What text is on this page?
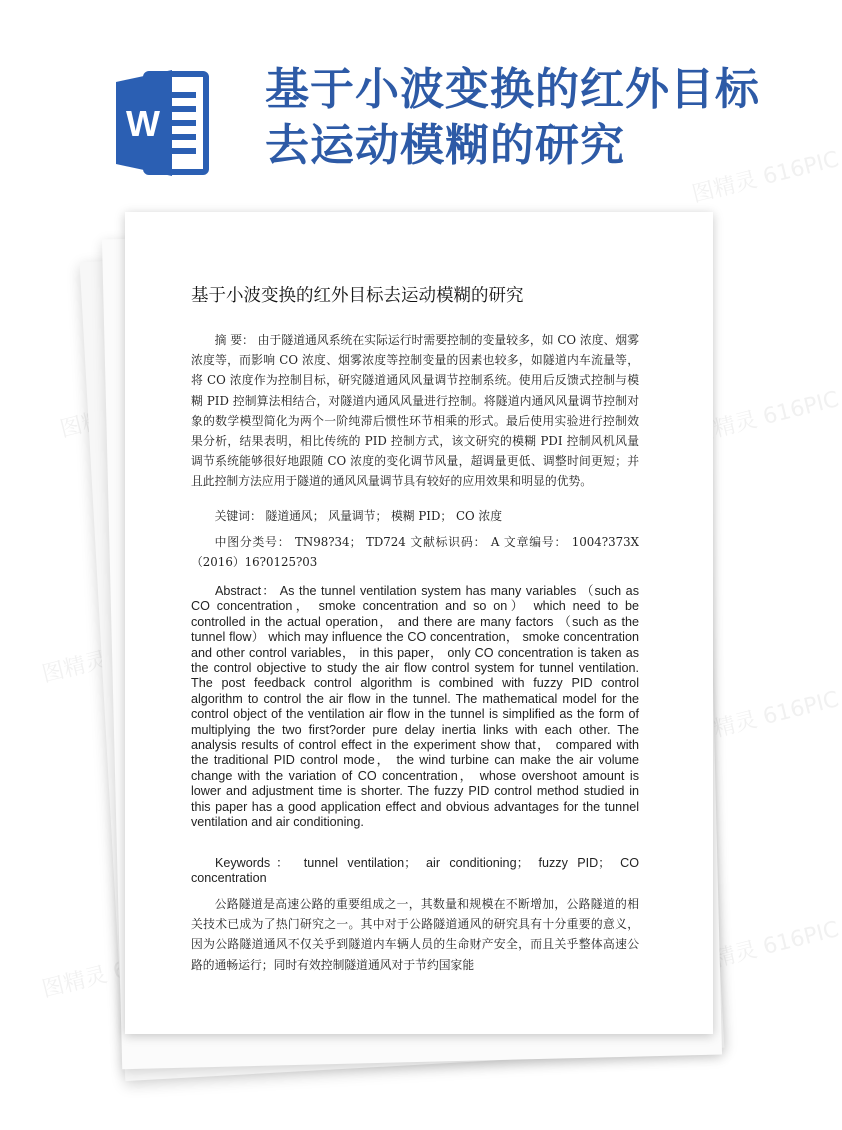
W
基于小波变换的红外目标去运动模糊的研究
图精灵
图精灵 616PIC
图精灵 616PIC
图精灵 616PIC
图精灵 616PIC
图精灵 616PIC
基于小波变换的红外目标去运动模糊的研究

摘 要： 由于隧道通风系统在实际运行时需要控制的变量较多，如 CO 浓度、烟雾浓度等，而影响 CO 浓度、烟雾浓度等控制变量的因素也较多，如隧道内车流量等，将 CO 浓度作为控制目标，研究隧道通风风量调节控制系统。使用后反馈式控制与模糊 PID 控制算法相结合，对隧道内通风风量进行控制。将隧道内通风风量调节控制对象的数学模型简化为两个一阶纯滞后惯性环节相乘的形式。最后使用实验进行控制效果分析，结果表明，相比传统的 PID 控制方式，该文研究的模糊 PDI 控制风机风量调节系统能够很好地跟随 CO 浓度的变化调节风量，超调量更低、调整时间更短；并且此控制方法应用于隧道的通风风量调节具有较好的应用效果和明显的优势。

关键词： 隧道通风； 风量调节； 模糊 PID； CO 浓度

中图分类号： TN98?34； TD724 文献标识码： A 文章编号： 1004?373X（2016）16?0125?03

Abstract： As the tunnel ventilation system has many variables （such as CO concentration， smoke concentration and so on） which need to be controlled in the actual operation， and there are many factors （such as the tunnel flow） which may influence the CO concentration， smoke concentration and other control variables， in this paper， only CO concentration is taken as the control objective to study the air flow control system for tunnel ventilation. The post feedback control algorithm is combined with fuzzy PID control algorithm to control the air flow in the tunnel. The mathematical model for the control object of the ventilation air flow in the tunnel is simplified as the form of multiplying the two first?order pure delay inertia links with each other. The analysis results of control effect in the experiment show that， compared with the traditional PID control mode， the wind turbine can make the air volume change with the variation of CO concentration， whose overshoot amount is lower and adjustment time is shorter. The fuzzy PID control method studied in this paper has a good application effect and obvious advantages for the tunnel ventilation and air conditioning.

Keywords： tunnel ventilation； air conditioning； fuzzy PID； CO concentration

公路隧道是高速公路的重要组成之一，其数量和规模在不断增加，公路隧道的相关技术已成为了热门研究之一。其中对于公路隧道通风的研究具有十分重要的意义，因为公路隧道通风不仅关乎到隧道内车辆人员的生命财产安全，而且关乎整体高速公路的通畅运行；同时有效控制隧道通风对于节约国家能
